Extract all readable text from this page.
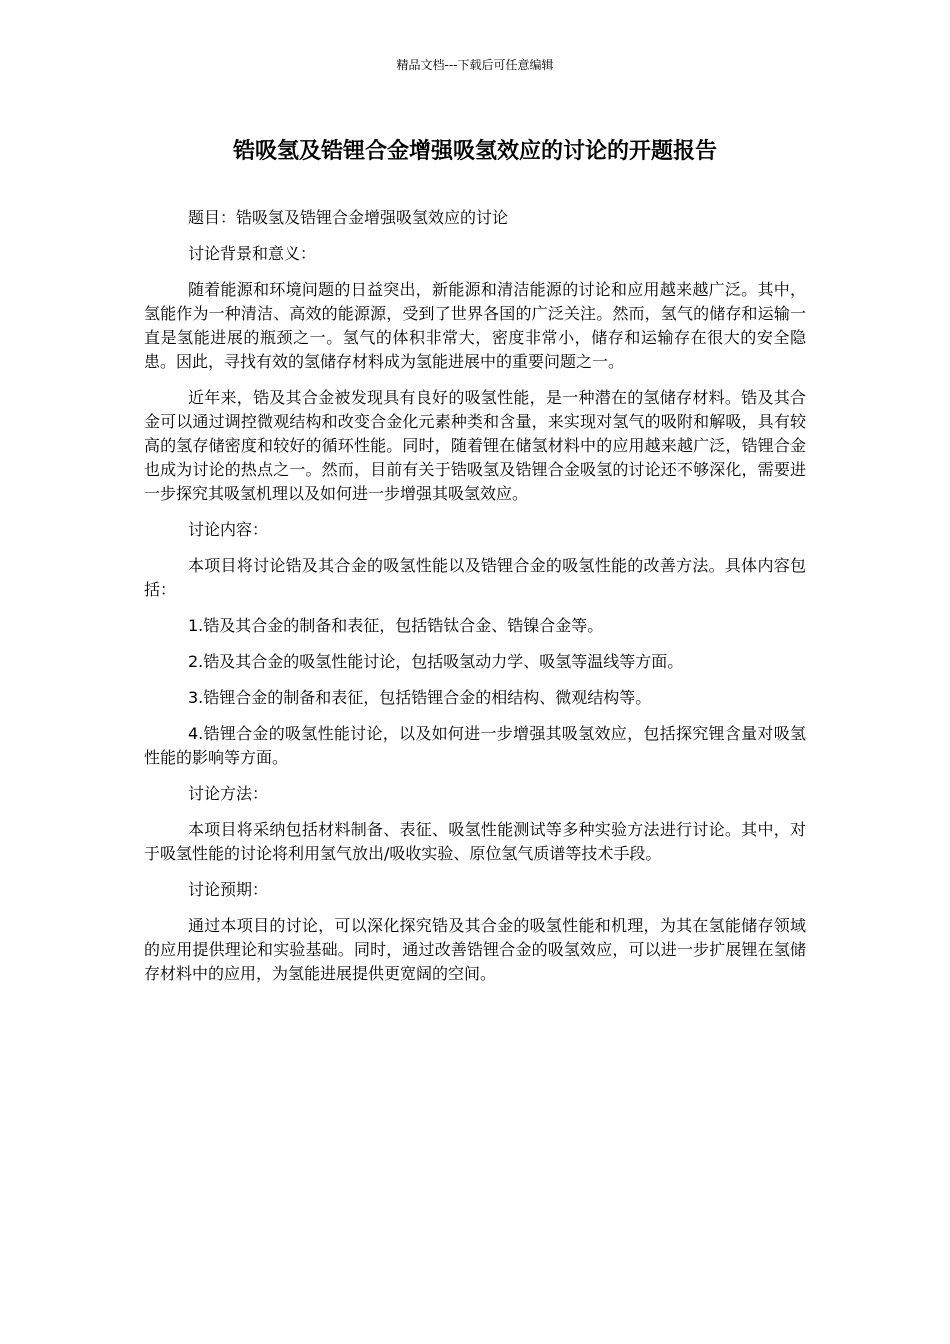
精品文档---下载后可任意编辑
锆吸氢及锆锂合金增强吸氢效应的讨论的开题报告

题目：锆吸氢及锆锂合金增强吸氢效应的讨论

讨论背景和意义：

随着能源和环境问题的日益突出，新能源和清洁能源的讨论和应用越来越广泛。其中，氢能作为一种清洁、高效的能源源，受到了世界各国的广泛关注。然而，氢气的储存和运输一直是氢能进展的瓶颈之一。氢气的体积非常大，密度非常小，储存和运输存在很大的安全隐患。因此，寻找有效的氢储存材料成为氢能进展中的重要问题之一。

近年来，锆及其合金被发现具有良好的吸氢性能，是一种潜在的氢储存材料。锆及其合金可以通过调控微观结构和改变合金化元素种类和含量，来实现对氢气的吸附和解吸，具有较高的氢存储密度和较好的循环性能。同时，随着锂在储氢材料中的应用越来越广泛，锆锂合金也成为讨论的热点之一。然而，目前有关于锆吸氢及锆锂合金吸氢的讨论还不够深化，需要进一步探究其吸氢机理以及如何进一步增强其吸氢效应。

讨论内容：

本项目将讨论锆及其合金的吸氢性能以及锆锂合金的吸氢性能的改善方法。具体内容包括：

1.锆及其合金的制备和表征，包括锆钛合金、锆镍合金等。

2.锆及其合金的吸氢性能讨论，包括吸氢动力学、吸氢等温线等方面。

3.锆锂合金的制备和表征，包括锆锂合金的相结构、微观结构等。

4.锆锂合金的吸氢性能讨论，以及如何进一步增强其吸氢效应，包括探究锂含量对吸氢性能的影响等方面。

讨论方法：

本项目将采纳包括材料制备、表征、吸氢性能测试等多种实验方法进行讨论。其中，对于吸氢性能的讨论将利用氢气放出/吸收实验、原位氢气质谱等技术手段。

讨论预期：

通过本项目的讨论，可以深化探究锆及其合金的吸氢性能和机理，为其在氢能储存领域的应用提供理论和实验基础。同时，通过改善锆锂合金的吸氢效应，可以进一步扩展锂在氢储存材料中的应用，为氢能进展提供更宽阔的空间。
